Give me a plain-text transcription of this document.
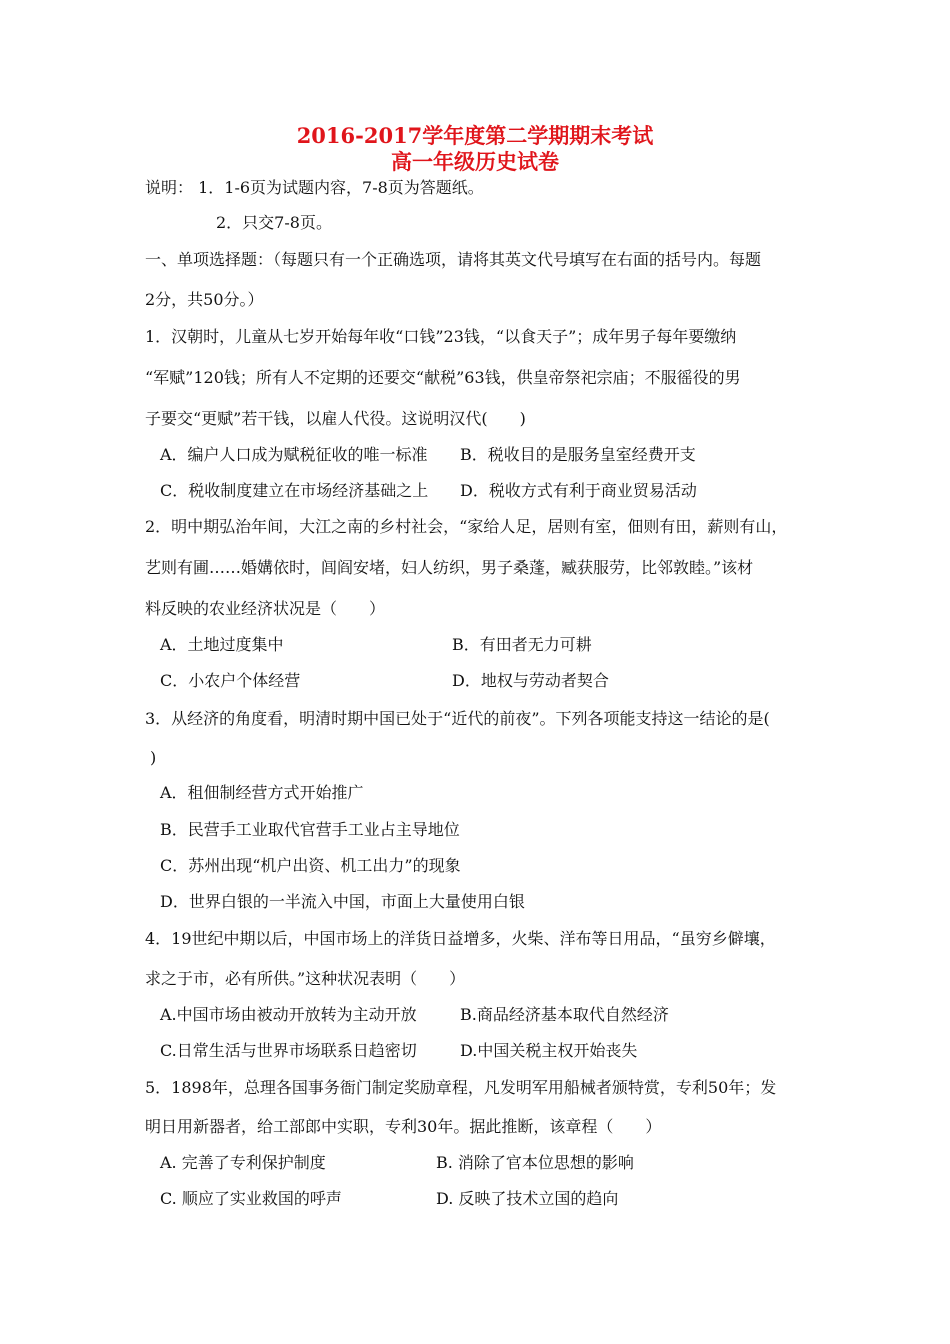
2016-2017学年度第二学期期末考试
高一年级历史试卷
说明： 1．1-6页为试题内容，7-8页为答题纸。
2．只交7-8页。
一、单项选择题：（每题只有一个正确选项，请将其英文代号填写在右面的括号内。每题
2分，共50分。）
1．汉朝时，儿童从七岁开始每年收“口钱”23钱，“以食天子”；成年男子每年要缴纳
“军赋”120钱；所有人不定期的还要交“献税”63钱，供皇帝祭祀宗庙；不服徭役的男
子要交“更赋”若干钱，以雇人代役。这说明汉代(　　)
A．编户人口成为赋税征收的唯一标准 B．税收目的是服务皇室经费开支
C．税收制度建立在市场经济基础之上 D．税收方式有利于商业贸易活动
2．明中期弘治年间，大江之南的乡村社会，“家给人足，居则有室，佃则有田，薪则有山，
艺则有圃……婚媾依时，闾阎安堵，妇人纺织，男子桑蓬，臧获服劳，比邻敦睦。”该材
料反映的农业经济状况是（　　）
A．土地过度集中	B．有田者无力可耕
C．小农户个体经营	D．地权与劳动者契合
3．从经济的角度看，明清时期中国已处于“近代的前夜”。下列各项能支持这一结论的是(
)
A．租佃制经营方式开始推广
B．民营手工业取代官营手工业占主导地位
C．苏州出现“机户出资、机工出力”的现象
D．世界白银的一半流入中国，市面上大量使用白银
4．19世纪中期以后，中国市场上的洋货日益增多，火柴、洋布等日用品，“虽穷乡僻壤，
求之于市，必有所供。”这种状况表明（　　）
A.中国市场由被动开放转为主动开放	B.商品经济基本取代自然经济
C.日常生活与世界市场联系日趋密切	D.中国关税主权开始丧失
5．1898年，总理各国事务衙门制定奖励章程，凡发明军用船械者颁特赏，专利50年；发
明日用新器者，给工部郎中实职，专利30年。据此推断，该章程（　　）
A. 完善了专利保护制度	B. 消除了官本位思想的影响
C. 顺应了实业救国的呼声	D. 反映了技术立国的趋向
